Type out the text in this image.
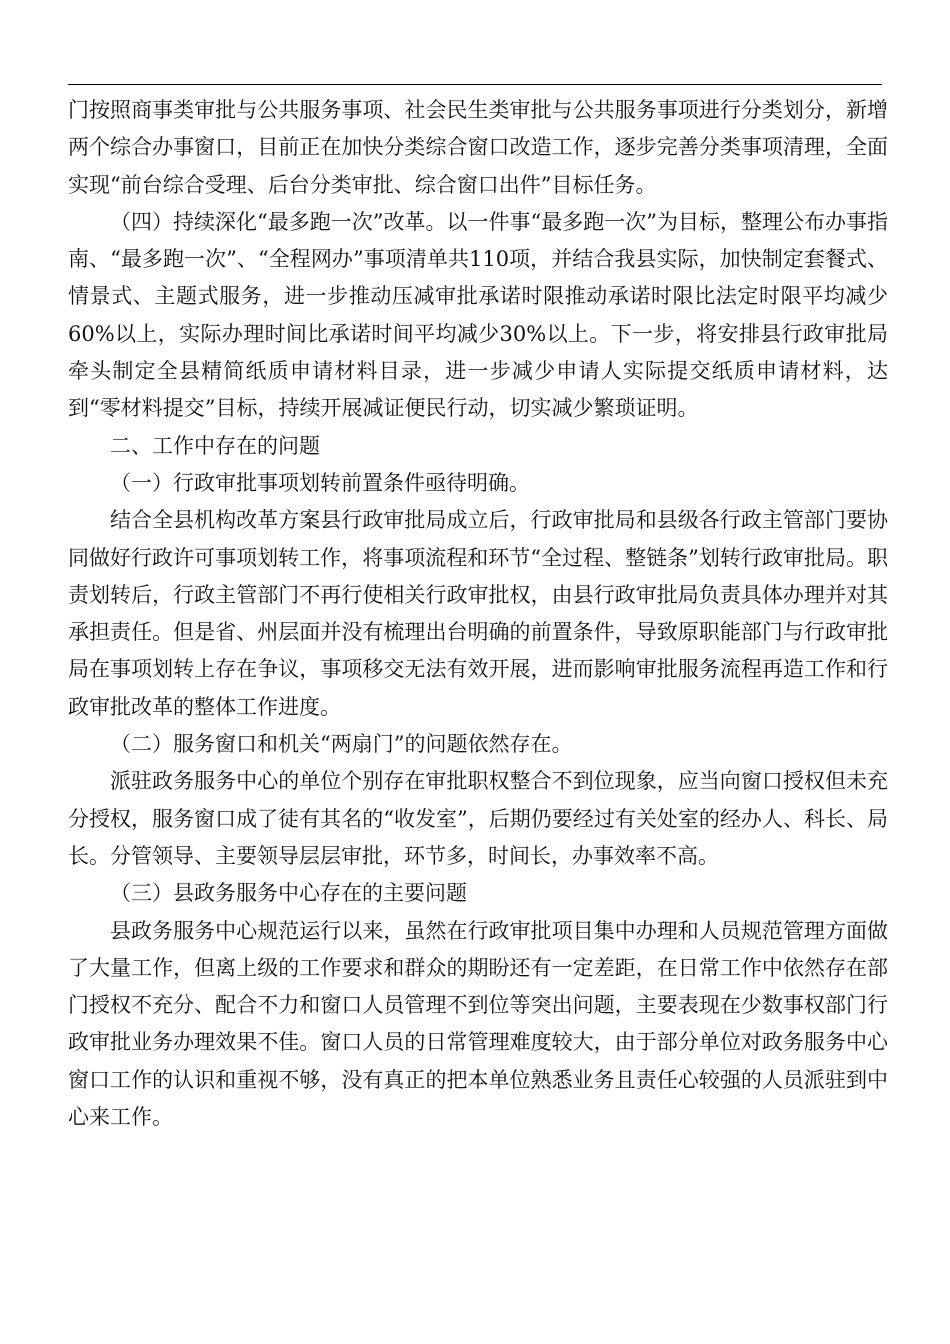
门按照商事类审批与公共服务事项、社会民生类审批与公共服务事项进行分类划分，新增两个综合办事窗口，目前正在加快分类综合窗口改造工作，逐步完善分类事项清理，全面实现“前台综合受理、后台分类审批、综合窗口出件”目标任务。

（四）持续深化“最多跑一次”改革。以一件事“最多跑一次”为目标，整理公布办事指南、“最多跑一次”、“全程网办”事项清单共110项，并结合我县实际，加快制定套餐式、情景式、主题式服务，进一步推动压减审批承诺时限推动承诺时限比法定时限平均减少60%以上，实际办理时间比承诺时间平均减少30%以上。下一步，将安排县行政审批局牵头制定全县精简纸质申请材料目录，进一步减少申请人实际提交纸质申请材料，达到“零材料提交”目标，持续开展减证便民行动，切实减少繁琐证明。

二、工作中存在的问题

（一）行政审批事项划转前置条件亟待明确。

结合全县机构改革方案县行政审批局成立后，行政审批局和县级各行政主管部门要协同做好行政许可事项划转工作，将事项流程和环节“全过程、整链条”划转行政审批局。职责划转后，行政主管部门不再行使相关行政审批权，由县行政审批局负责具体办理并对其承担责任。但是省、州层面并没有梳理出台明确的前置条件，导致原职能部门与行政审批局在事项划转上存在争议，事项移交无法有效开展，进而影响审批服务流程再造工作和行政审批改革的整体工作进度。

（二）服务窗口和机关“两扇门”的问题依然存在。

派驻政务服务中心的单位个别存在审批职权整合不到位现象，应当向窗口授权但未充分授权，服务窗口成了徒有其名的“收发室”，后期仍要经过有关处室的经办人、科长、局长。分管领导、主要领导层层审批，环节多，时间长，办事效率不高。

（三）县政务服务中心存在的主要问题

县政务服务中心规范运行以来，虽然在行政审批项目集中办理和人员规范管理方面做了大量工作，但离上级的工作要求和群众的期盼还有一定差距，在日常工作中依然存在部门授权不充分、配合不力和窗口人员管理不到位等突出问题，主要表现在少数事权部门行政审批业务办理效果不佳。窗口人员的日常管理难度较大，由于部分单位对政务服务中心窗口工作的认识和重视不够，没有真正的把本单位熟悉业务且责任心较强的人员派驻到中心来工作。
